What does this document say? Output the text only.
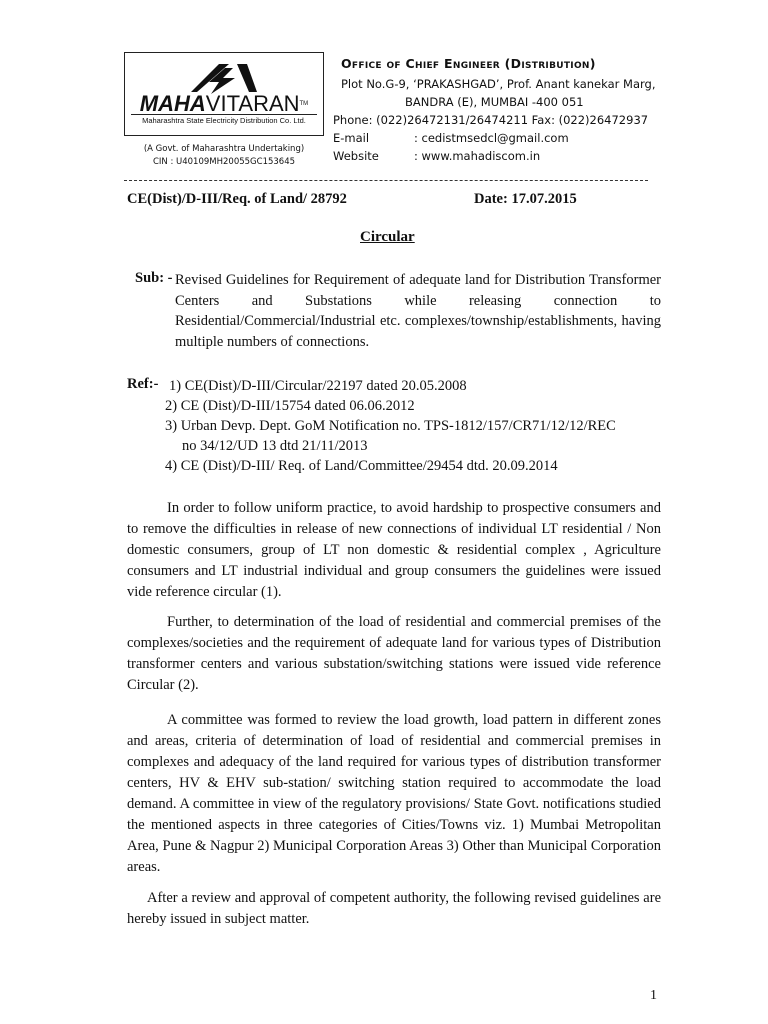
MAHAVITARAN™
Maharashtra State Electricity Distribution Co. Ltd.
(A Govt. of Maharashtra Undertaking)
CIN : U40109MH20055GC153645
Office of Chief Engineer (Distribution)
Plot No.G-9, ‘PRAKASHGAD’, Prof. Anant kanekar Marg,
BANDRA (E), MUMBAI -400 051
Phone: (022)26472131/26474211 Fax: (022)26472937
E-mail	: cedistmsedcl@gmail.com
Website	: www.mahadiscom.in
CE(Dist)/D-III/Req. of Land/ 28792	Date: 17.07.2015
Circular
Sub: - Revised Guidelines for Requirement of adequate land for Distribution Transformer Centers and Substations while releasing connection to Residential/Commercial/Industrial etc. complexes/township/establishments, having multiple numbers of connections.
Ref:- 1) CE(Dist)/D-III/Circular/22197 dated 20.05.2008
2) CE (Dist)/D-III/15754 dated 06.06.2012
3) Urban Devp. Dept. GoM Notification no. TPS-1812/157/CR71/12/12/REC
no 34/12/UD 13 dtd 21/11/2013
4) CE (Dist)/D-III/ Req. of Land/Committee/29454 dtd. 20.09.2014
In order to follow uniform practice, to avoid hardship to prospective consumers and to remove the difficulties in release of new connections of individual LT residential / Non domestic consumers, group of LT non domestic & residential complex , Agriculture consumers and LT industrial individual and group consumers the guidelines were issued vide reference circular (1).
Further, to determination of the load of residential and commercial premises of the complexes/societies and the requirement of adequate land for various types of Distribution transformer centers and various substation/switching stations were issued vide reference Circular (2).
A committee was formed to review the load growth, load pattern in different zones and areas, criteria of determination of load of residential and commercial premises in complexes and adequacy of the land required for various types of distribution transformer centers, HV & EHV sub-station/ switching station required to accommodate the load demand. A committee in view of the regulatory provisions/ State Govt. notifications studied the mentioned aspects in three categories of Cities/Towns viz. 1) Mumbai Metropolitan Area, Pune & Nagpur 2) Municipal Corporation Areas 3) Other than Municipal Corporation areas.
After a review and approval of competent authority, the following revised guidelines are hereby issued in subject matter.
1
